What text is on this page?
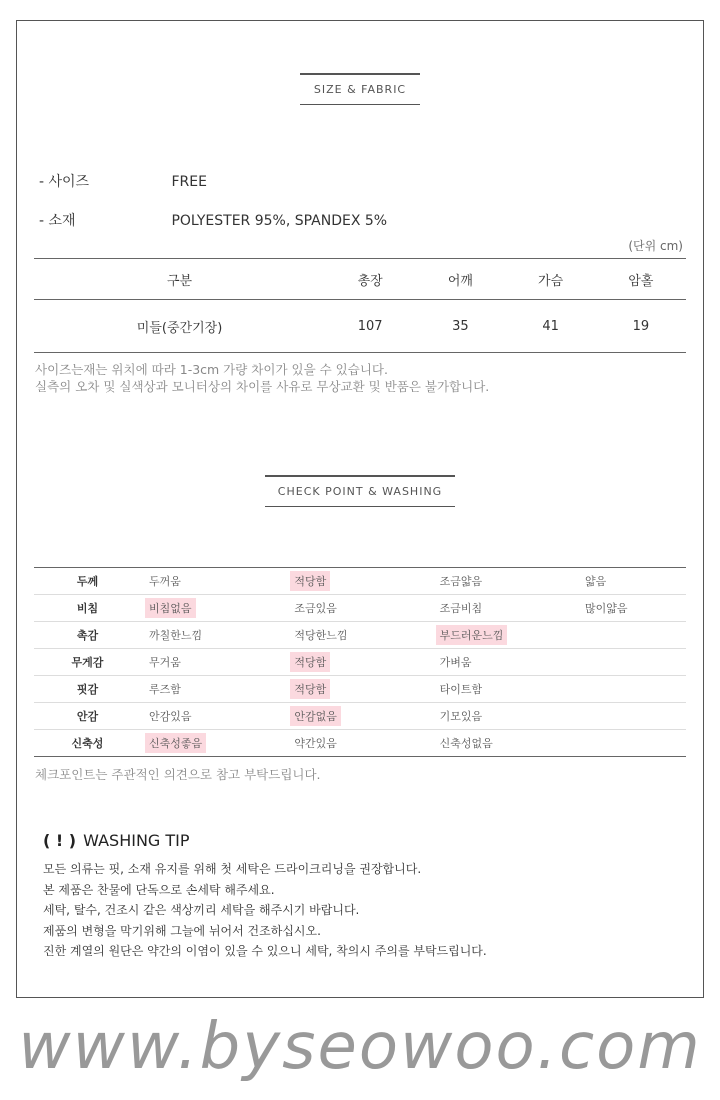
SIZE & FABRIC
- 사이즈	FREE
- 소재	POLYESTER 95%, SPANDEX 5%
(단위 cm)
구분	총장	어깨	가슴	암홀
미들(중간기장)	107	35	41	19
사이즈는재는 위치에 따라 1-3cm 가량 차이가 있을 수 있습니다.
실측의 오차 및 실색상과 모니터상의 차이를 사유로 무상교환 및 반품은 불가합니다.
CHECK POINT & WASHING
두께	두꺼움	적당함	조금얇음	얇음
비침	비침없음	조금있음	조금비침	많이얇음
촉감	까칠한느낌	적당한느낌	부드러운느낌	
무게감	무거움	적당함	가벼움	
핏감	루즈함	적당함	타이트함	
안감	안감있음	안감없음	기모있음	
신축성	신축성좋음	약간있음	신축성없음	
체크포인트는 주관적인 의견으로 참고 부탁드립니다.
( ! ) WASHING TIP
모든 의류는 핏, 소재 유지를 위해 첫 세탁은 드라이크리닝을 권장합니다.
본 제품은 찬물에 단독으로 손세탁 해주세요.
세탁, 탈수, 건조시 같은 색상끼리 세탁을 해주시기 바랍니다.
제품의 변형을 막기위해 그늘에 뉘어서 건조하십시오.
진한 계열의 원단은 약간의 이염이 있을 수 있으니 세탁, 착의시 주의를 부탁드립니다.
www.byseowoo.com
